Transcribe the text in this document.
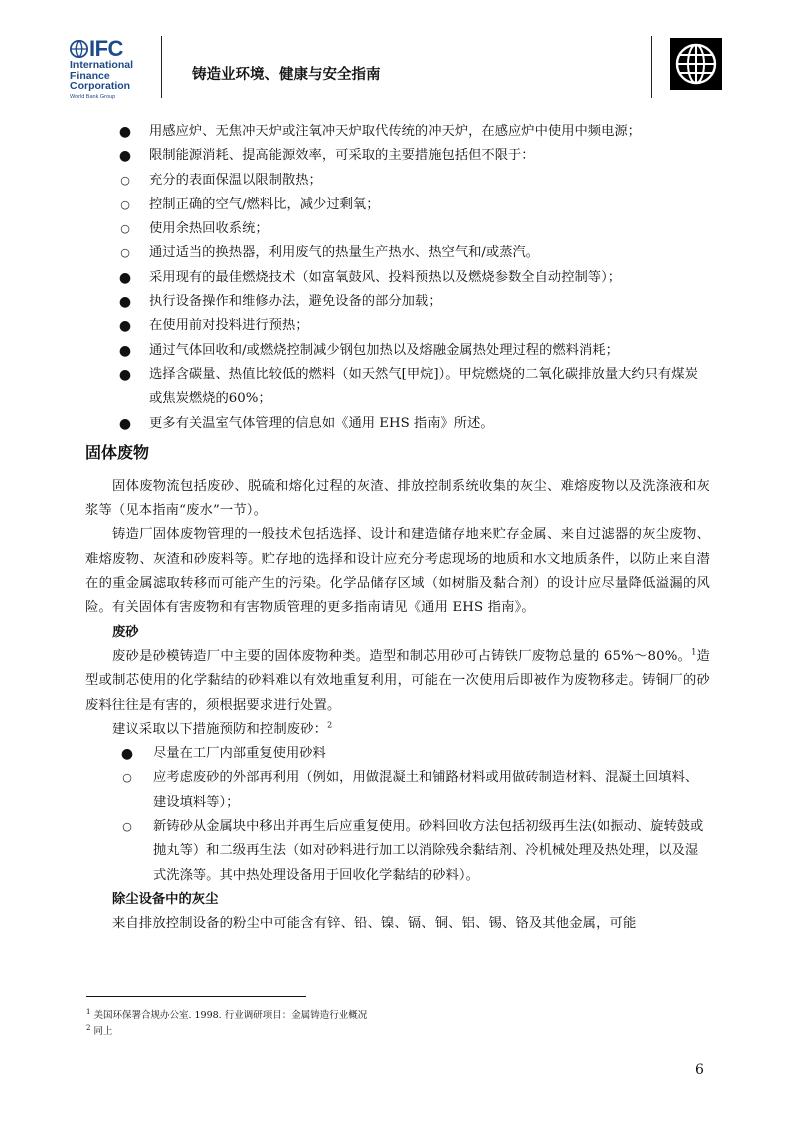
IFC
International
Finance
Corporation
World Bank Group
铸造业环境、健康与安全指南
● 用感应炉、无焦冲天炉或注氧冲天炉取代传统的冲天炉，在感应炉中使用中频电源；
● 限制能源消耗、提高能源效率，可采取的主要措施包括但不限于：
○ 充分的表面保温以限制散热；
○ 控制正确的空气/燃料比，减少过剩氧；
○ 使用余热回收系统；
○ 通过适当的换热器，利用废气的热量生产热水、热空气和/或蒸汽。
● 采用现有的最佳燃烧技术（如富氧鼓风、投料预热以及燃烧参数全自动控制等）；
● 执行设备操作和维修办法，避免设备的部分加载；
● 在使用前对投料进行预热；
● 通过气体回收和/或燃烧控制减少钢包加热以及熔融金属热处理过程的燃料消耗；
● 选择含碳量、热值比较低的燃料（如天然气[甲烷]）。甲烷燃烧的二氧化碳排放量大约只有煤炭或焦炭燃烧的60%；
● 更多有关温室气体管理的信息如《通用 EHS 指南》所述。
固体废物
固体废物流包括废砂、脱硫和熔化过程的灰渣、排放控制系统收集的灰尘、难熔废物以及洗涤液和灰浆等（见本指南“废水”一节）。
铸造厂固体废物管理的一般技术包括选择、设计和建造储存地来贮存金属、来自过滤器的灰尘废物、难熔废物、灰渣和砂废料等。贮存地的选择和设计应充分考虑现场的地质和水文地质条件，以防止来自潜在的重金属滤取转移而可能产生的污染。化学品储存区域（如树脂及黏合剂）的设计应尽量降低溢漏的风险。有关固体有害废物和有害物质管理的更多指南请见《通用 EHS 指南》。
废砂
废砂是砂模铸造厂中主要的固体废物种类。造型和制芯用砂可占铸铁厂废物总量的 65%～80%。$^1$造型或制芯使用的化学黏结的砂料难以有效地重复利用，可能在一次使用后即被作为废物移走。铸铜厂的砂废料往往是有害的，须根据要求进行处置。
建议采取以下措施预防和控制废砂：$^2$
● 尽量在工厂内部重复使用砂料
○ 应考虑废砂的外部再利用（例如，用做混凝土和铺路材料或用做砖制造材料、混凝土回填料、建设填料等）；
○ 新铸砂从金属块中移出并再生后应重复使用。砂料回收方法包括初级再生法(如振动、旋转鼓或抛丸等）和二级再生法（如对砂料进行加工以消除残余黏结剂、冷机械处理及热处理，以及湿式洗涤等。其中热处理设备用于回收化学黏结的砂料）。
除尘设备中的灰尘
来自排放控制设备的粉尘中可能含有锌、铅、镍、镉、铜、铝、锡、铬及其他金属，可能
$^1$ 美国环保署合规办公室. 1998. 行业调研项目：金属铸造行业概况
$^2$ 同上
6
